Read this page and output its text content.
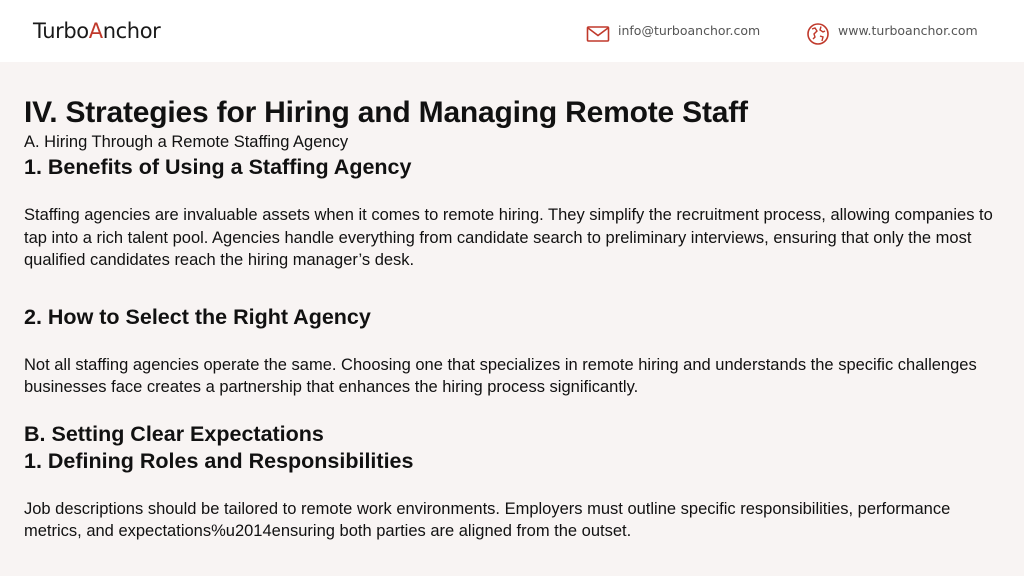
TurboAnchor	info@turboanchor.com	www.turboanchor.com
IV. Strategies for Hiring and Managing Remote Staff
A. Hiring Through a Remote Staffing Agency
1. Benefits of Using a Staffing Agency

Staffing agencies are invaluable assets when it comes to remote hiring. They simplify the recruitment process, allowing companies to tap into a rich talent pool. Agencies handle everything from candidate search to preliminary interviews, ensuring that only the most qualified candidates reach the hiring manager’s desk.

2. How to Select the Right Agency

Not all staffing agencies operate the same. Choosing one that specializes in remote hiring and understands the specific challenges businesses face creates a partnership that enhances the hiring process significantly.

B. Setting Clear Expectations
1. Defining Roles and Responsibilities

Job descriptions should be tailored to remote work environments. Employers must outline specific responsibilities, performance metrics, and expectations%u2014ensuring both parties are aligned from the outset.
